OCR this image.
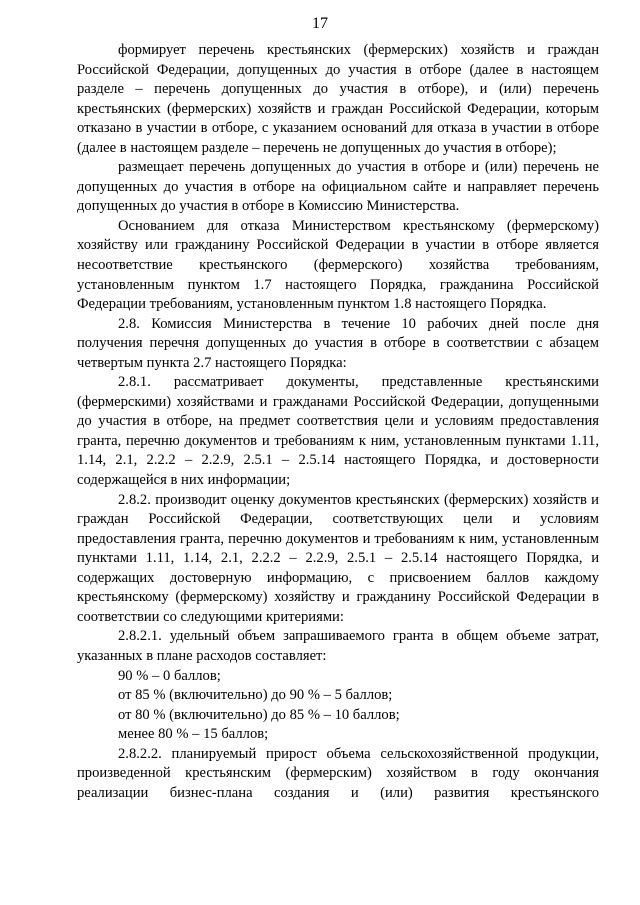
17

формирует перечень крестьянских (фермерских) хозяйств и граждан Российской Федерации, допущенных до участия в отборе (далее в настоящем разделе – перечень допущенных до участия в отборе), и (или) перечень крестьянских (фермерских) хозяйств и граждан Российской Федерации, которым отказано в участии в отборе, с указанием оснований для отказа в участии в отборе (далее в настоящем разделе – перечень не допущенных до участия в отборе);

размещает перечень допущенных до участия в отборе и (или) перечень не допущенных до участия в отборе на официальном сайте и направляет перечень допущенных до участия в отборе в Комиссию Министерства.

Основанием для отказа Министерством крестьянскому (фермерскому) хозяйству или гражданину Российской Федерации в участии в отборе является несоответствие крестьянского (фермерского) хозяйства требованиям, установленным пунктом 1.7 настоящего Порядка, гражданина Российской Федерации требованиям, установленным пунктом 1.8 настоящего Порядка.

2.8. Комиссия Министерства в течение 10 рабочих дней после дня получения перечня допущенных до участия в отборе в соответствии с абзацем четвертым пункта 2.7 настоящего Порядка:

2.8.1. рассматривает документы, представленные крестьянскими (фермерскими) хозяйствами и гражданами Российской Федерации, допущенными до участия в отборе, на предмет соответствия цели и условиям предоставления гранта, перечню документов и требованиям к ним, установленным пунктами 1.11, 1.14, 2.1, 2.2.2 – 2.2.9, 2.5.1 – 2.5.14 настоящего Порядка, и достоверности содержащейся в них информации;

2.8.2. производит оценку документов крестьянских (фермерских) хозяйств и граждан Российской Федерации, соответствующих цели и условиям предоставления гранта, перечню документов и требованиям к ним, установленным пунктами 1.11, 1.14, 2.1, 2.2.2 – 2.2.9, 2.5.1 – 2.5.14 настоящего Порядка, и содержащих достоверную информацию, с присвоением баллов каждому крестьянскому (фермерскому) хозяйству и гражданину Российской Федерации в соответствии со следующими критериями:

2.8.2.1. удельный объем запрашиваемого гранта в общем объеме затрат, указанных в плане расходов составляет:

90 % – 0 баллов;

от 85 % (включительно) до 90 % – 5 баллов;

от 80 % (включительно) до 85 % – 10 баллов;

менее 80 % – 15 баллов;

2.8.2.2. планируемый прирост объема сельскохозяйственной продукции, произведенной крестьянским (фермерским) хозяйством в году окончания реализации бизнес-плана создания и (или) развития крестьянского
